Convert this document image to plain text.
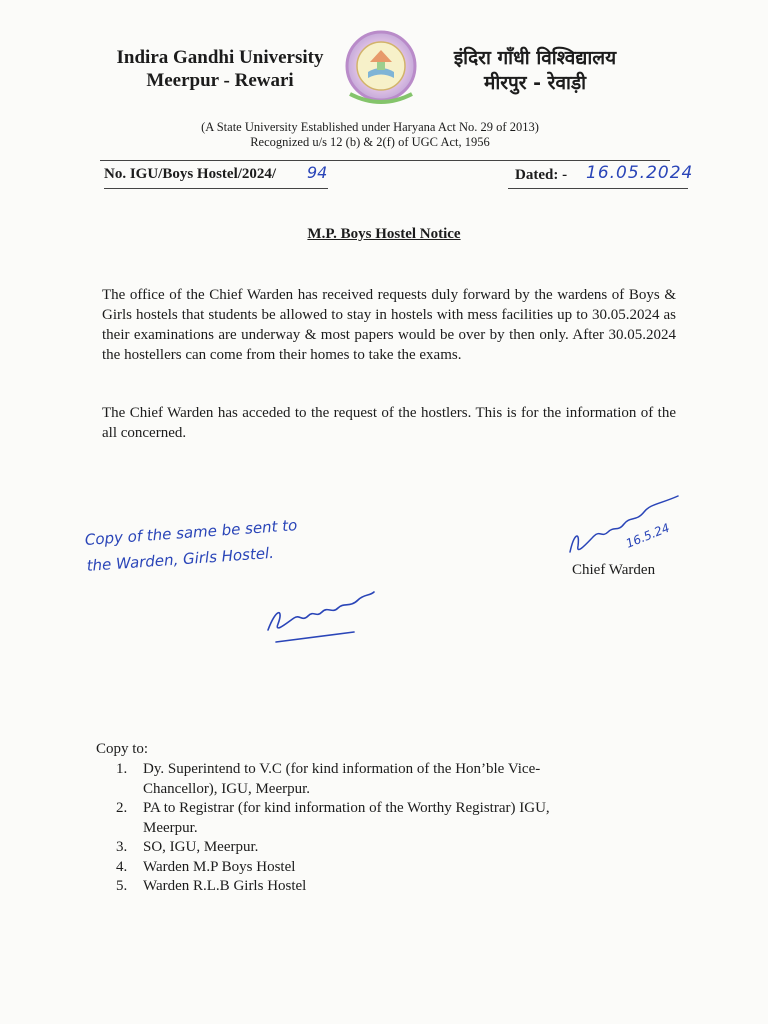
Indira Gandhi University
Meerpur - Rewari
इंदिरा गाँधी विश्विद्यालय
मीरपुर - रेवाड़ी
(A State University Established under Haryana Act No. 29 of 2013)
Recognized u/s 12 (b) & 2(f) of UGC Act, 1956
No. IGU/Boys Hostel/2024/ 94	Dated: - 16.05.2024
M.P. Boys Hostel Notice
The office of the Chief Warden has received requests duly forward by the wardens of Boys & Girls hostels that students be allowed to stay in hostels with mess facilities up to 30.05.2024 as their examinations are underway & most papers would be over by then only. After 30.05.2024 the hostellers can come from their homes to take the exams.
The Chief Warden has acceded to the request of the hostlers. This is for the information of the all concerned.
Copy of the same be sent to
the Warden, Girls Hostel.
16.5.24
Chief Warden
Copy to:
1. Dy. Superintend to V.C (for kind information of the Hon’ble Vice-
Chancellor), IGU, Meerpur.
2. PA to Registrar (for kind information of the Worthy Registrar) IGU,
Meerpur.
3. SO, IGU, Meerpur.
4. Warden M.P Boys Hostel
5. Warden R.L.B Girls Hostel
